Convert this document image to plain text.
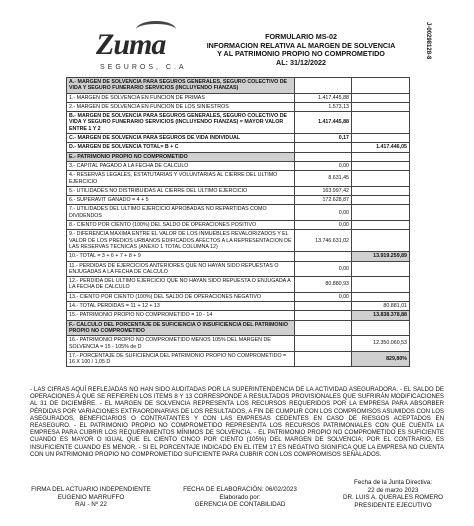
Zuma
SEGUROS, C.A
FORMULARIO MS-02
INFORMACION RELATIVA AL MARGEN DE SOLVENCIA
Y AL PATRIMONIO PROPIO NO COMPROMETIDO
AL: 31/12/2022
J-00298128-8
A.- MARGEN DE SOLVENCIA PARA SEGUROS GENERALES, SEGURO COLECTIVO DE VIDA Y SEGURO FUNERARIO SERVICIOS (INCLUYENDO FIANZAS)		
1.- MARGEN DE SOLVENCIA EN FUNCION DE PRIMAS	1.417.445,88	
2.- MARGEN DE SOLVENCIA EN FUNCION DE LOS SINIESTROS	1.573,13	
B.- MARGEN DE SOLVENCIA PARA SEGUROS GENERALES, SEGURO COLECTIVO DE VIDA Y SEGURO FUNERARIO SERVICIOS (INCLUYENDO FIANZAS) = MAYOR VALOR ENTRE 1 Y 2	1.417.445,88	
C.- MARGEN DE SOLVENCIA PARA SEGUROS DE VIDA INDIVIDUAL	0,17	
D.- MARGEN DE SOLVENCIA TOTAL= B + C		1.417.446,05
E.- PATRIMONIO PROPIO NO COMPROMETIDO		
3.- CAPITAL PAGADO A LA FECHA DE CALCULO	0,00	
4.- RESERVAS LEGALES, ESTATUTARIAS Y VOLUNTARIAS AL CIERRE DEL ULTIMO EJERCICIO	8.631,45	
5.- UTILIDADES NO DISTRIBUIDAS AL CIERRE DEL ULTIMO EJERCICIO	163.997,42	
6.- SUPERAVIT GANADO = 4 + 5	172.628,87	
7.- UTILIDADES DEL ULTIMO EJERCICIO APROBADAS NO REPARTIDAS COMO DIVIDENDOS	0,00	
8.- CIENTO POR CIENTO (100%) DEL SALDO DE OPERACIONES POSITIVO	0,00	
9.- DIFERENCIA MAXIMA ENTRE EL VALOR DE LOS INMUEBLES REVALORIZADOS Y EL VALOR DE LOS PREDIOS URBANOS EDIFICADOS AFECTOS A LA REPRESENTACION DE LAS RESERVAS TECNICAS (ANEXO 1 TOTAL COLUMNA 12)	13.746.631,02	
10.- TOTAL = 3 + 6 + 7 + 8 + 9		13.919.259,89
11.- PERDIDAS DE EJERCICIOS ANTERIORES QUE NO HAYAN SIDO REPUESTAS O ENJUGADAS A LA FECHA DE CALCULO	0,00	
12.- PERDIDA DEL ULTIMO EJERCICIO QUE NO HAYAN SIDO REPUESTA O ENJUGADA A LA FECHA DE CALCULO	80.880,93	
13.- CIENTO POR CIENTO (100%) DEL SALDO DE OPERACIONES NEGATIVO	0,00	
14.- TOTAL PERDIDAS = 11 + 12 + 13		80.881,01
15.- PATRIMONIO PROPIO NO COMPROMETIDO = 10 - 14		13.838.378,88
F.- CALCULO DEL PORCENTAJE DE SUFICIENCIA O INSUFICIENCIA DEL PATRIMONIO PROPIO NO COMPROMETIDO		
16.- PATRIMONIO PROPIO NO COMPROMETIDO MENOS 105% DEL MARGEN DE SOLVENCIA = 15 - 105% de D		12.350.060,53
17.- PORCENTAJE DE SUFICIENCIA DEL PATRIMONIO PROPIO NO COMPROMETIDO = 16 X 100 / 1,05 D		829,80%
- LAS CIFRAS AQUÍ REFLEJADAS NO HAN SIDO AUDITADAS POR LA SUPERINTENDENCIA DE LA ACTIVIDAD ASEGURADORA. - EL SALDO DE OPERACIONES A QUE SE REFIEREN LOS ITEMS 8 Y 13 CORRESPONDE A RESULTADOS PROVISIONALES QUE SUFRIRÁN MODIFICACIONES AL 31 DE DICIEMBRE. - EL MARGEN DE SOLVENCIA REPRESENTA LOS RECURSOS REQUERIDOS POR LA EMPRESA PARA ABSORBER PÉRDIDAS POR VARIACIONES EXTRAORDINARIAS DE LOS RESULTADOS, A FIN DE CUMPLIR CON LOS COMPROMISOS ASUMIDOS CON LOS ASEGURADOS, BENEFICIARIOS O CONTRATANTES Y CON LAS EMPRESAS CEDENTES EN CASO DE RIESGOS ACEPTADOS EN REASEGURO. - EL PATRIMONIO PROPIO NO COMPROMETIDO REPRESENTA LOS RECURSOS PATRIMONIALES CON QUE CUENTA LA EMPRESA PARA CUBRIR LOS REQUERIMIENTOS MÍNIMOS DE SOLVENCIA. - EL PATRIMONIO PROPIO NO COMPROMETIDO ES SUFICIENTE CUANDO ES MAYOR O IGUAL QUE EL CIENTO CINCO POR CIENTO (105%) DEL MARGEN DE SOLVENCIA; POR EL CONTRARIO, ES INSUFICIENTE CUANDO ES MENOR. - SI EL PORCENTAJE INDICADO EN EL ITEM 17 ES NEGATIVO SIGNIFICA QUE LA EMPRESA NO CUENTA CON UN PATRIMONIO PROPIO NO COMPROMETIDO SUFICIENTE PARA CUBRIR CON LOS COMPROMISOS SEÑALADOS.
FIRMA DEL ACTUARIO INDEPENDIENTE
EUGENIO MARRUFFO
RAI - Nº 22
FECHA DE ELABORACIÓN: 06/02/2023
Elaborado por:
GERENCIA DE CONTABILIDAD
Fecha de la Junta Directiva:
22 de marzo 2023
DR. LUIS A. QUERALES ROMERO
PRESIDENTE EJECUTIVO
